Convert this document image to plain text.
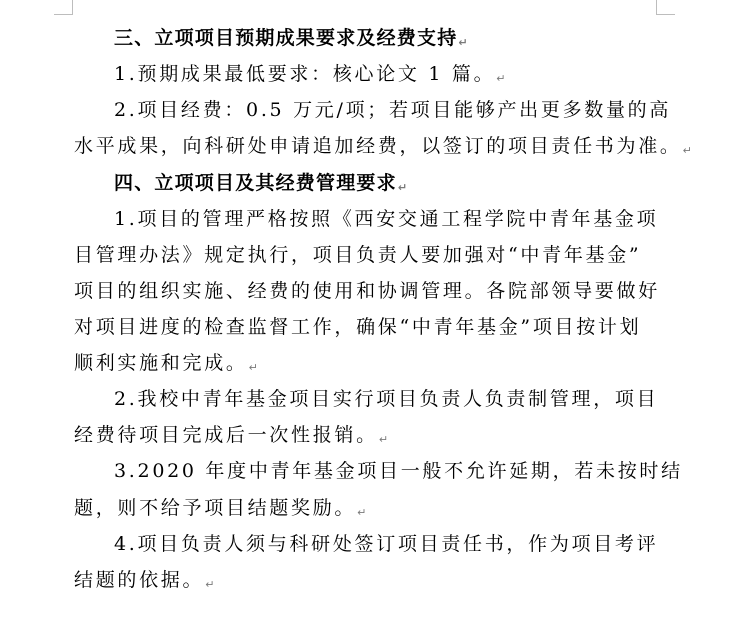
三、立项项目预期成果要求及经费支持↵
1.预期成果最低要求：核心论文 1 篇。↵
2.项目经费：0.5 万元/项；若项目能够产出更多数量的高
水平成果，向科研处申请追加经费，以签订的项目责任书为准。↵
四、立项项目及其经费管理要求↵
1.项目的管理严格按照《西安交通工程学院中青年基金项
目管理办法》规定执行，项目负责人要加强对“中青年基金”
项目的组织实施、经费的使用和协调管理。各院部领导要做好
对项目进度的检查监督工作，确保“中青年基金”项目按计划
顺利实施和完成。↵
2.我校中青年基金项目实行项目负责人负责制管理，项目
经费待项目完成后一次性报销。↵
3.2020 年度中青年基金项目一般不允许延期，若未按时结
题，则不给予项目结题奖励。↵
4.项目负责人须与科研处签订项目责任书，作为项目考评
结题的依据。↵
